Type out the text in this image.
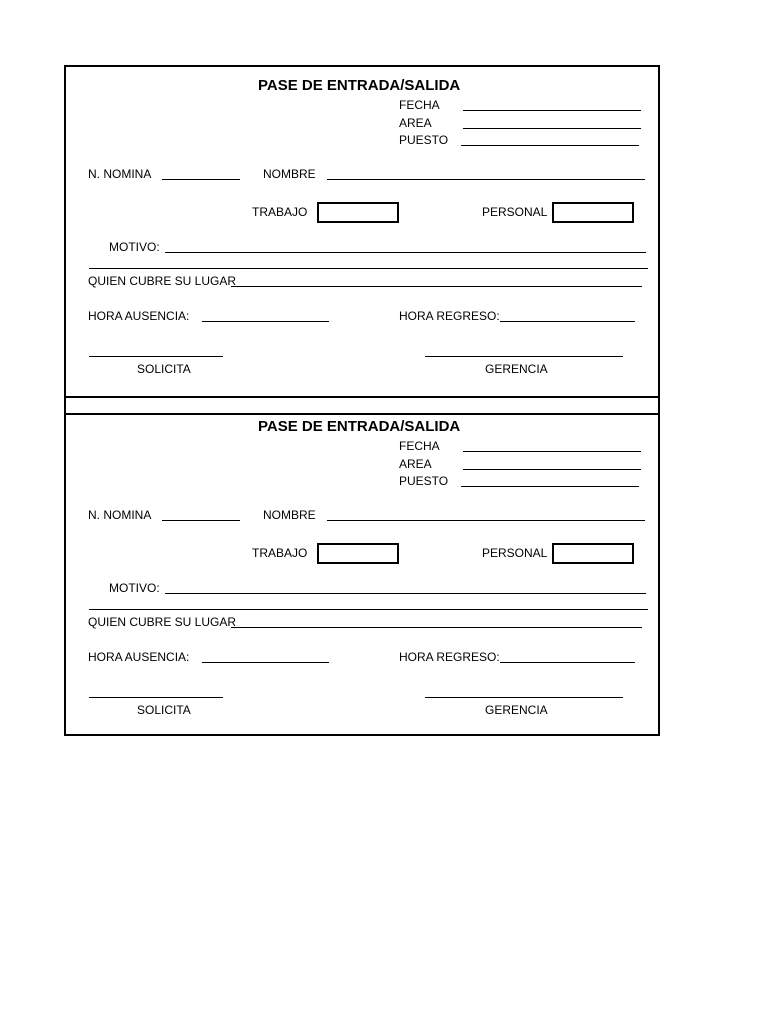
PASE DE ENTRADA/SALIDA
FECHA
AREA
PUESTO
N. NOMINA	NOMBRE
TRABAJO	PERSONAL
MOTIVO:
QUIEN CUBRE SU LUGAR
HORA AUSENCIA:	HORA REGRESO:
SOLICITA	GERENCIA
PASE DE ENTRADA/SALIDA
FECHA
AREA
PUESTO
N. NOMINA	NOMBRE
TRABAJO	PERSONAL
MOTIVO:
QUIEN CUBRE SU LUGAR
HORA AUSENCIA:	HORA REGRESO:
SOLICITA	GERENCIA
